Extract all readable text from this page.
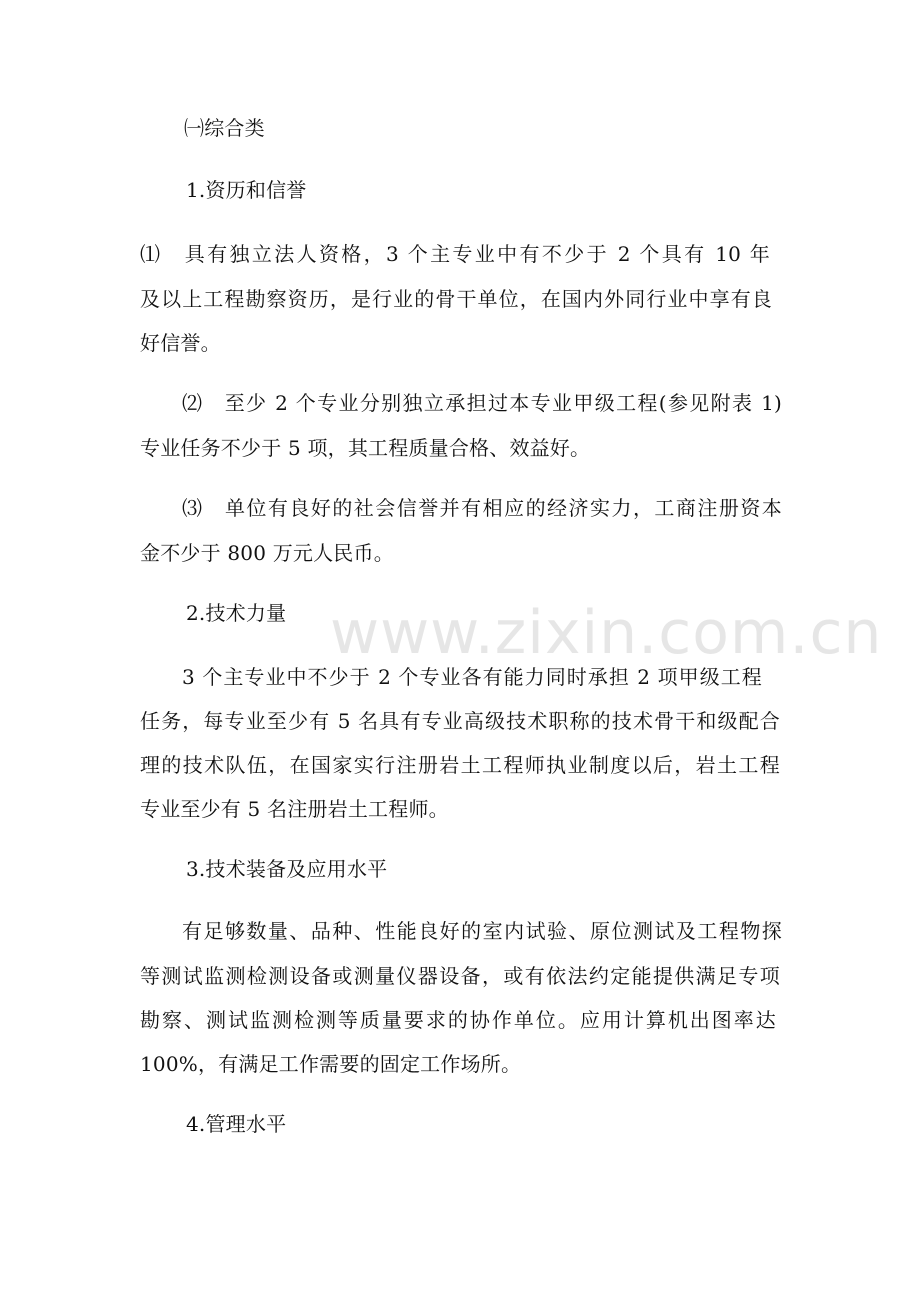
www.zixin.com.cn
㈠综合类
1.资历和信誉
⑴　具有独立法人资格，3 个主专业中有不少于 2 个具有 10 年
及以上工程勘察资历，是行业的骨干单位，在国内外同行业中享有良
好信誉。
⑵　至少 2 个专业分别独立承担过本专业甲级工程(参见附表 1)
专业任务不少于 5 项，其工程质量合格、效益好。
⑶　单位有良好的社会信誉并有相应的经济实力，工商注册资本
金不少于 800 万元人民币。
2.技术力量
3 个主专业中不少于 2 个专业各有能力同时承担 2 项甲级工程
任务，每专业至少有 5 名具有专业高级技术职称的技术骨干和级配合
理的技术队伍，在国家实行注册岩土工程师执业制度以后，岩土工程
专业至少有 5 名注册岩土工程师。
3.技术装备及应用水平
有足够数量、品种、性能良好的室内试验、原位测试及工程物探
等测试监测检测设备或测量仪器设备，或有依法约定能提供满足专项
勘察、测试监测检测等质量要求的协作单位。应用计算机出图率达
100%，有满足工作需要的固定工作场所。
4.管理水平
